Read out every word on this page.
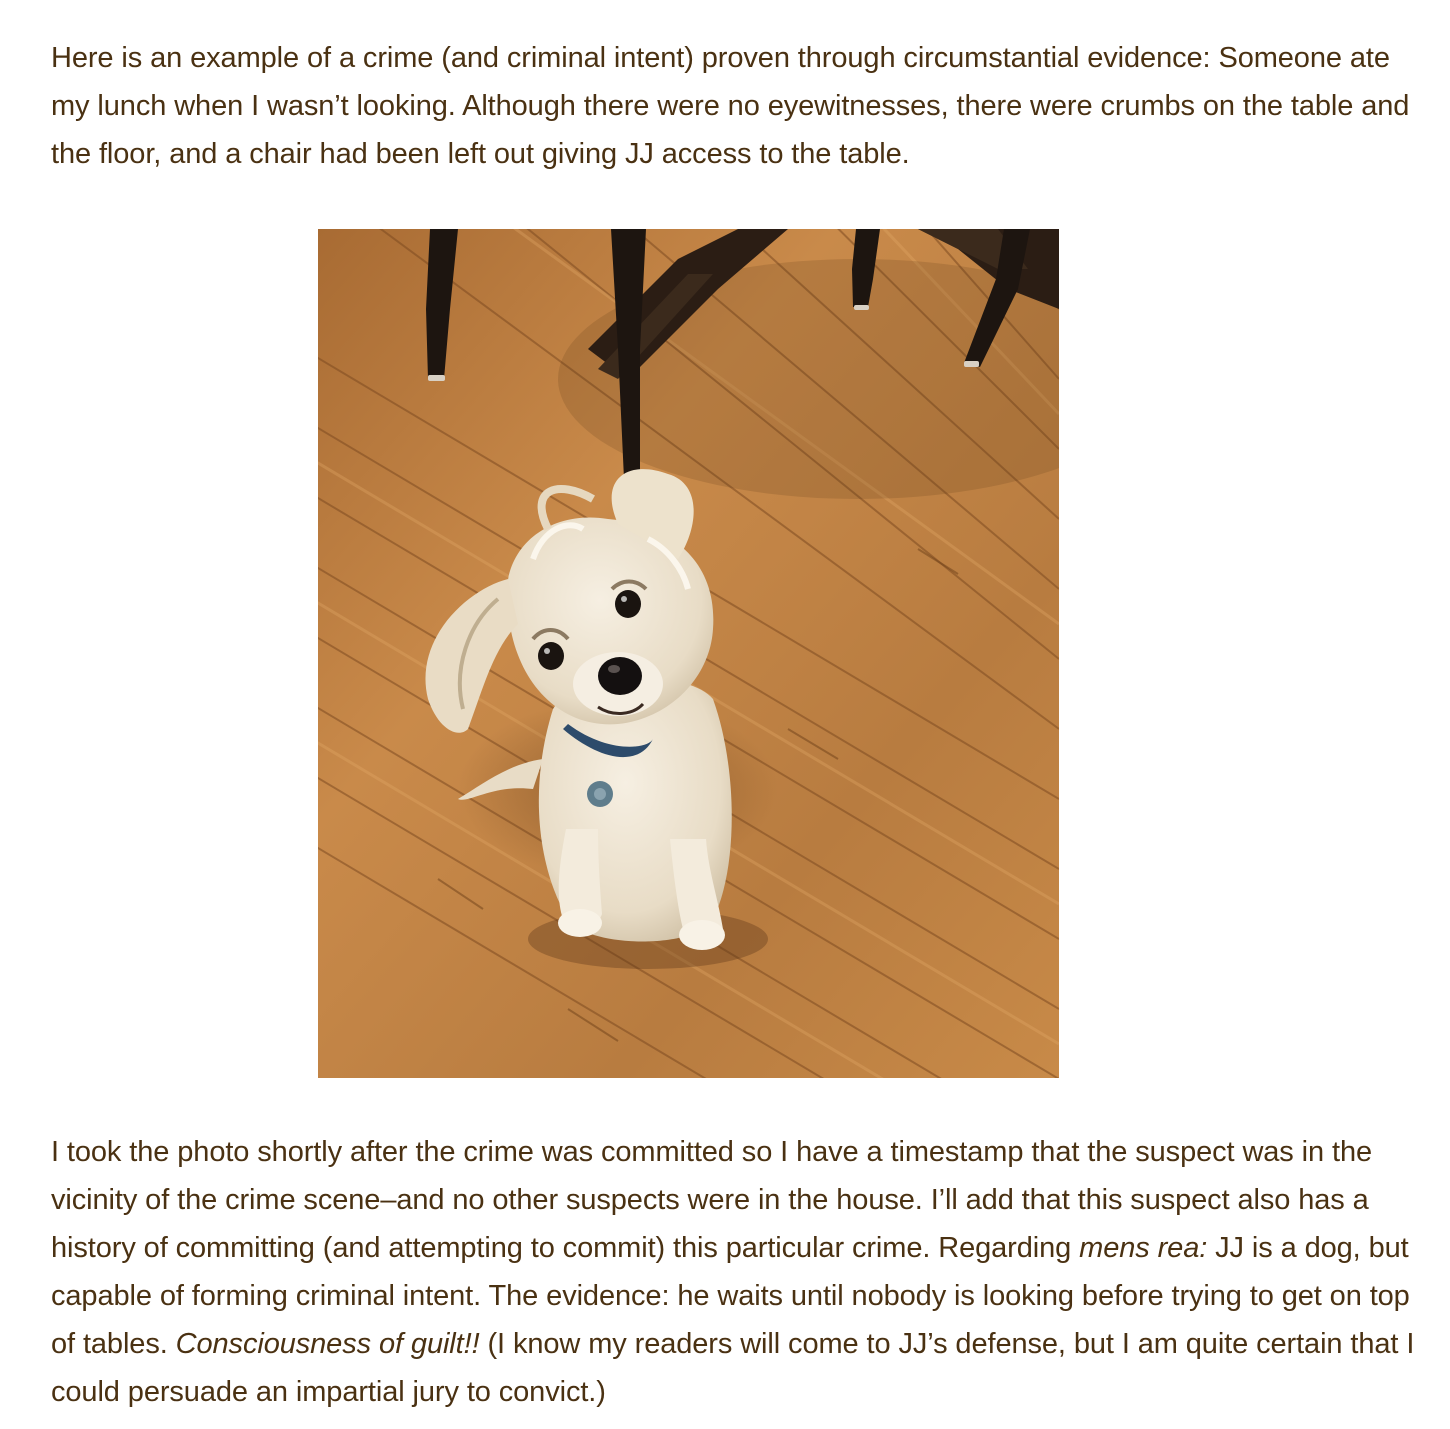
Here is an example of a crime (and criminal intent) proven through circumstantial evidence: Someone ate my lunch when I wasn’t looking. Although there were no eyewitnesses, there were crumbs on the table and the floor, and a chair had been left out giving JJ access to the table.

I took the photo shortly after the crime was committed so I have a timestamp that the suspect was in the vicinity of the crime scene–and no other suspects were in the house. I’ll add that this suspect also has a history of committing (and attempting to commit) this particular crime. Regarding mens rea: JJ is a dog, but capable of forming criminal intent. The evidence: he waits until nobody is looking before trying to get on top of tables. Consciousness of guilt!! (I know my readers will come to JJ’s defense, but I am quite certain that I could persuade an impartial jury to convict.)
